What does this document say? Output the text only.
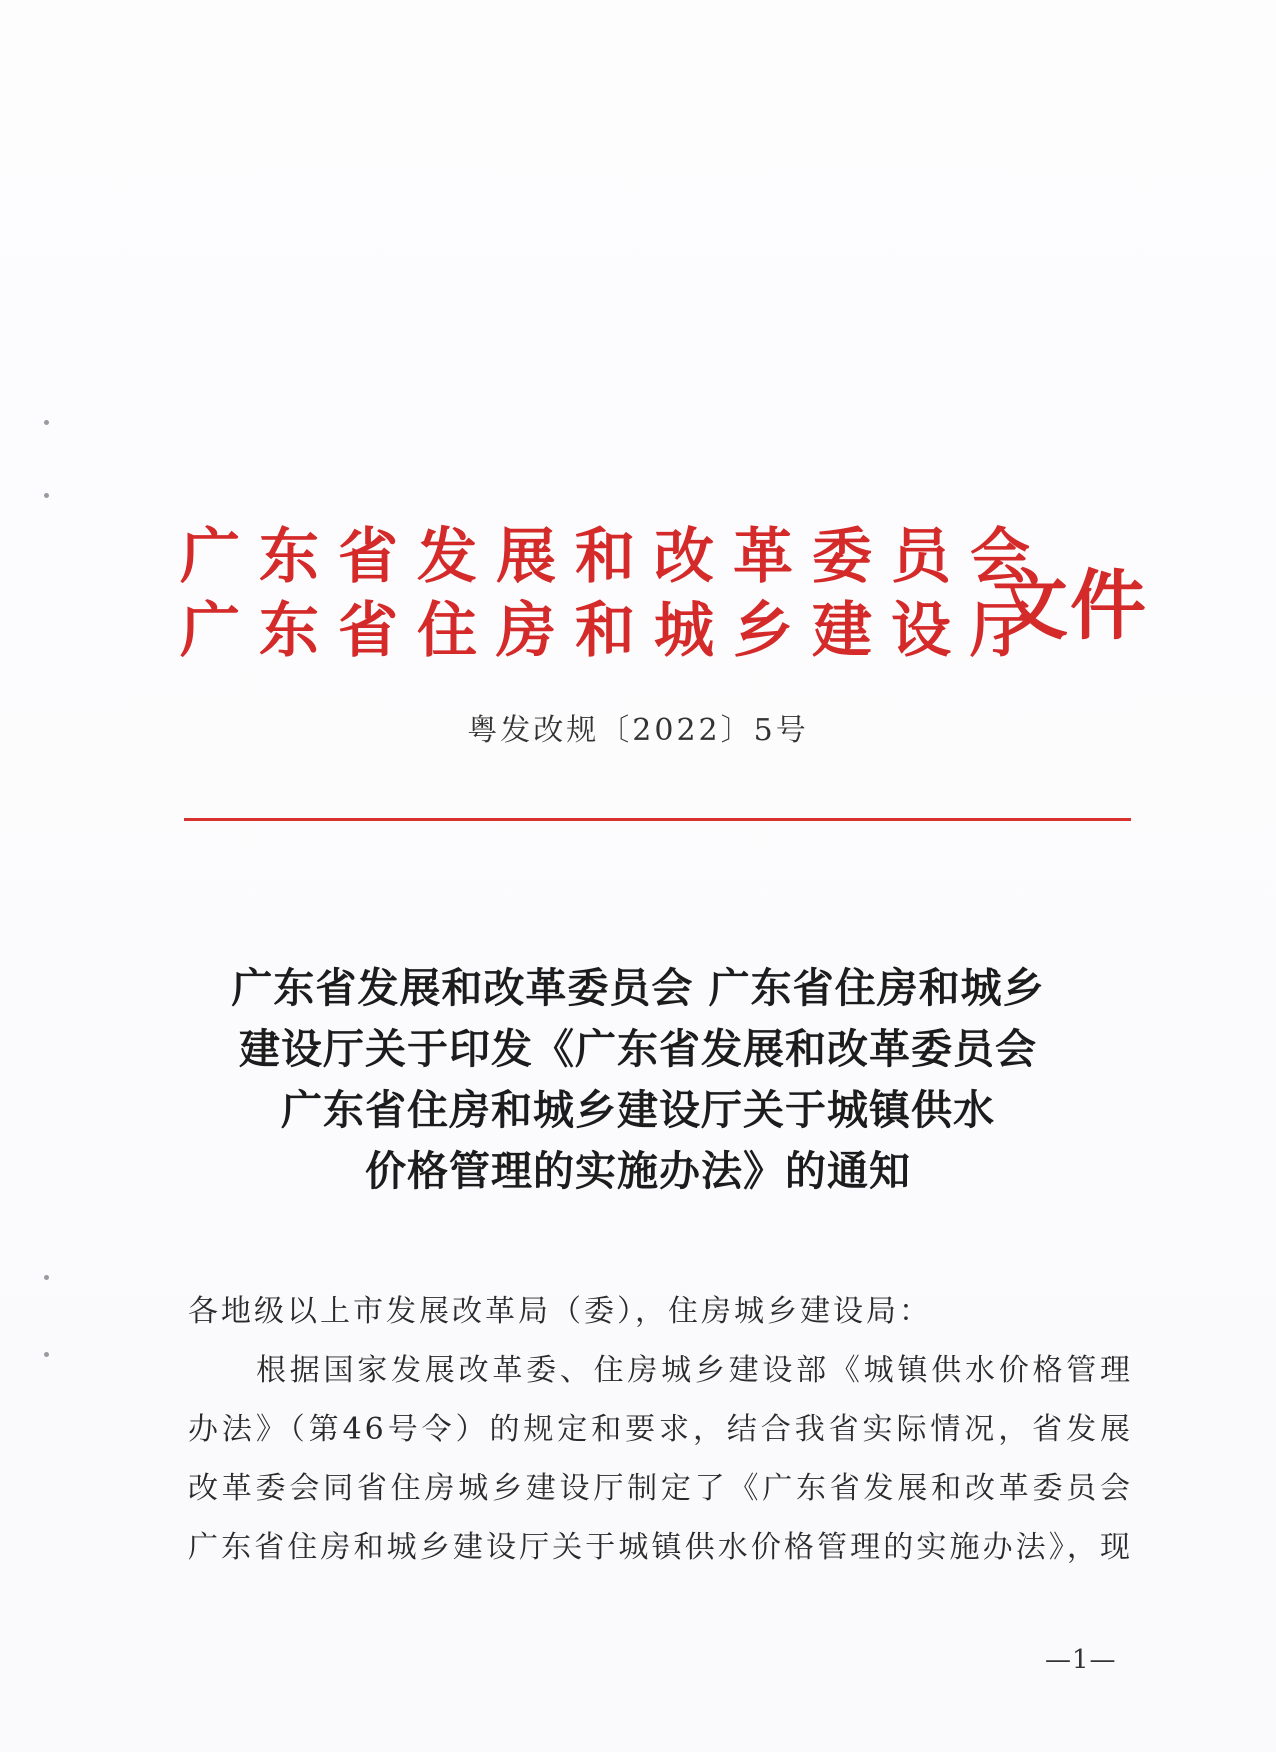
广东省发展和改革委员会
广东省住房和城乡建设厅
文件
粤发改规〔2022〕5号
广东省发展和改革委员会 广东省住房和城乡
建设厅关于印发《广东省发展和改革委员会
广东省住房和城乡建设厅关于城镇供水
价格管理的实施办法》的通知
各地级以上市发展改革局（委），住房城乡建设局：
根据国家发展改革委、住房城乡建设部《城镇供水价格管理
办法》（第46号令）的规定和要求，结合我省实际情况，省发展
改革委会同省住房城乡建设厅制定了《广东省发展和改革委员会
广东省住房和城乡建设厅关于城镇供水价格管理的实施办法》，现
—1—
